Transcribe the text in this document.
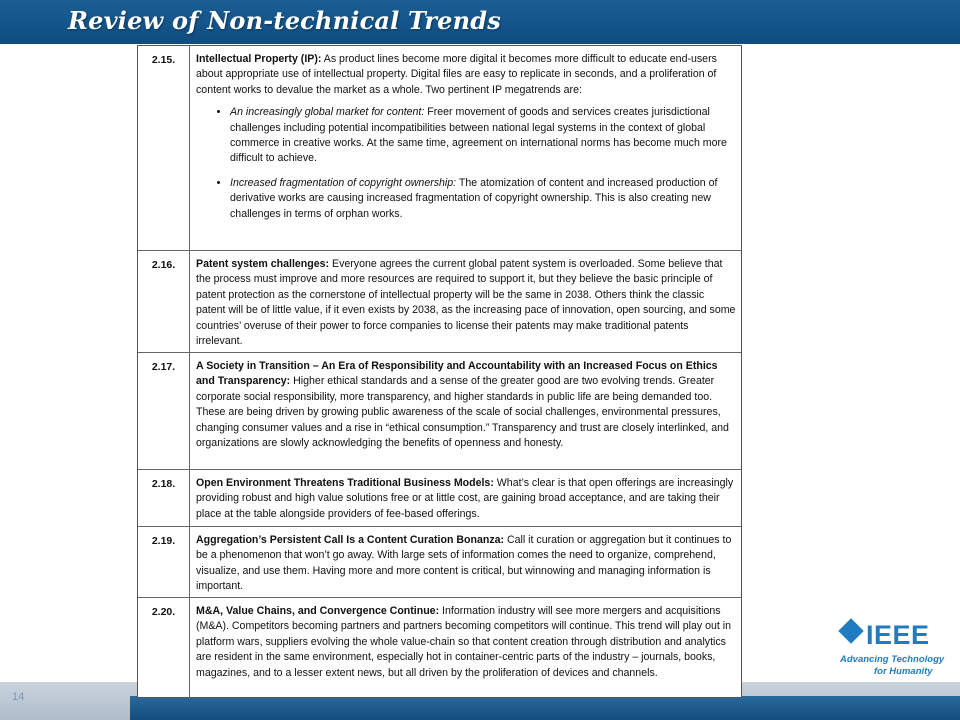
Review of Non-technical Trends
14
2.15.	Intellectual Property (IP): As product lines become more digital it becomes more difficult to educate end-users about appropriate use of intellectual property. Digital files are easy to replicate in seconds, and a proliferation of content works to devalue the market as a whole. Two pertinent IP megatrends are:
• An increasingly global market for content: Freer movement of goods and services creates jurisdictional challenges including potential incompatibilities between national legal systems in the context of global commerce in creative works. At the same time, agreement on international norms has become much more difficult to achieve.
• Increased fragmentation of copyright ownership: The atomization of content and increased production of derivative works are causing increased fragmentation of copyright ownership. This is also creating new challenges in terms of orphan works.
2.16.	Patent system challenges: Everyone agrees the current global patent system is overloaded. Some believe that the process must improve and more resources are required to support it, but they believe the basic principle of patent protection as the cornerstone of intellectual property will be the same in 2038. Others think the classic patent will be of little value, if it even exists by 2038, as the increasing pace of innovation, open sourcing, and some countries’ overuse of their power to force companies to license their patents may make traditional patents irrelevant.
2.17.	A Society in Transition – An Era of Responsibility and Accountability with an Increased Focus on Ethics and Transparency: Higher ethical standards and a sense of the greater good are two evolving trends. Greater corporate social responsibility, more transparency, and higher standards in public life are being demanded too. These are being driven by growing public awareness of the scale of social challenges, environmental pressures, changing consumer values and a rise in “ethical consumption.” Transparency and trust are closely interlinked, and organizations are slowly acknowledging the benefits of openness and honesty.
2.18.	Open Environment Threatens Traditional Business Models: What’s clear is that open offerings are increasingly providing robust and high value solutions free or at little cost, are gaining broad acceptance, and are taking their place at the table alongside providers of fee-based offerings.
2.19.	Aggregation’s Persistent Call Is a Content Curation Bonanza: Call it curation or aggregation but it continues to be a phenomenon that won’t go away. With large sets of information comes the need to organize, comprehend, visualize, and use them. Having more and more content is critical, but winnowing and managing information is important.
2.20.	M&A, Value Chains, and Convergence Continue: Information industry will see more mergers and acquisitions (M&A). Competitors becoming partners and partners becoming competitors will continue. This trend will play out in platform wars, suppliers evolving the whole value-chain so that content creation through distribution and analytics are resident in the same environment, especially hot in container-centric parts of the industry – journals, books, magazines, and to a lesser extent news, but all driven by the proliferation of devices and channels.
IEEE
Advancing Technology
for Humanity
